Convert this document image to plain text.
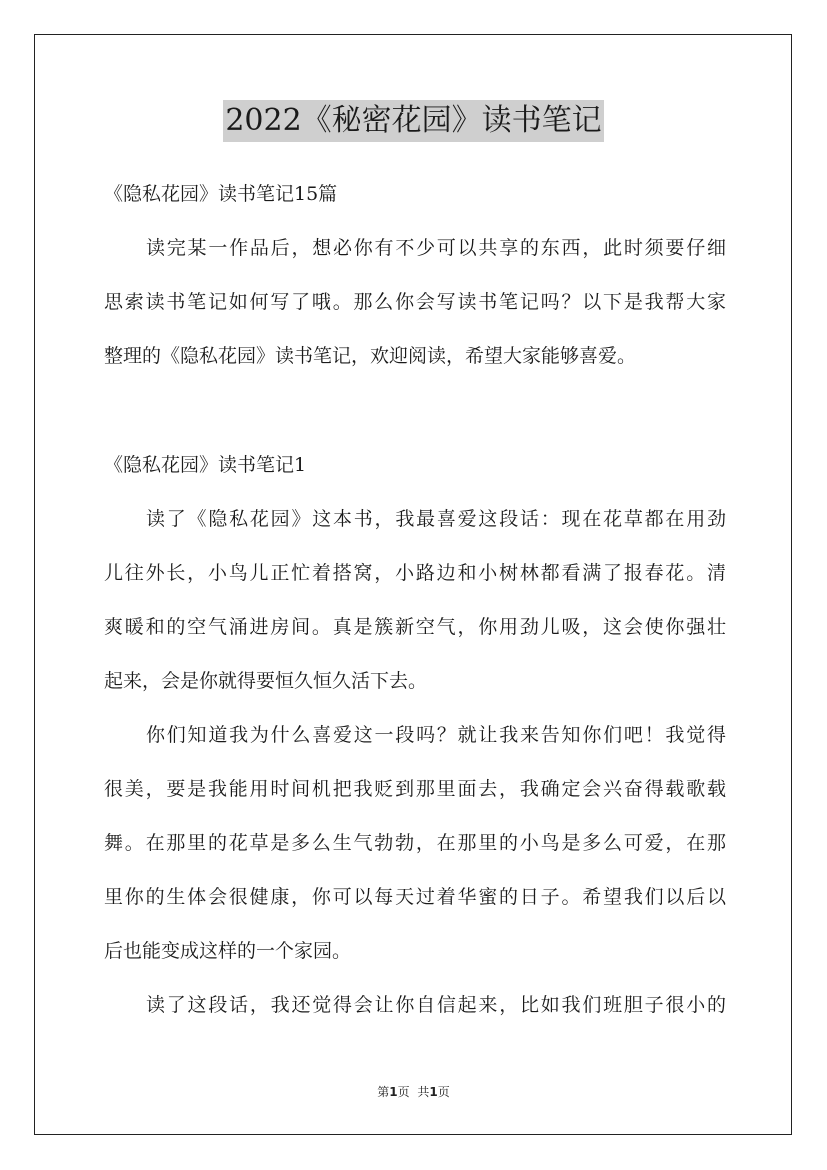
2022《秘密花园》读书笔记
《隐私花园》读书笔记15篇
读完某一作品后，想必你有不少可以共享的东西，此时须要仔细
思索读书笔记如何写了哦。那么你会写读书笔记吗？以下是我帮大家
整理的《隐私花园》读书笔记，欢迎阅读，希望大家能够喜爱。
《隐私花园》读书笔记1
读了《隐私花园》这本书，我最喜爱这段话：现在花草都在用劲
儿往外长，小鸟儿正忙着搭窝，小路边和小树林都看满了报春花。清
爽暖和的空气涌进房间。真是簇新空气，你用劲儿吸，这会使你强壮
起来，会是你就得要恒久恒久活下去。
你们知道我为什么喜爱这一段吗？就让我来告知你们吧！我觉得
很美，要是我能用时间机把我贬到那里面去，我确定会兴奋得载歌载
舞。在那里的花草是多么生气勃勃，在那里的小鸟是多么可爱，在那
里你的生体会很健康，你可以每天过着华蜜的日子。希望我们以后以
后也能变成这样的一个家园。
读了这段话，我还觉得会让你自信起来，比如我们班胆子很小的
第1页 共1页
